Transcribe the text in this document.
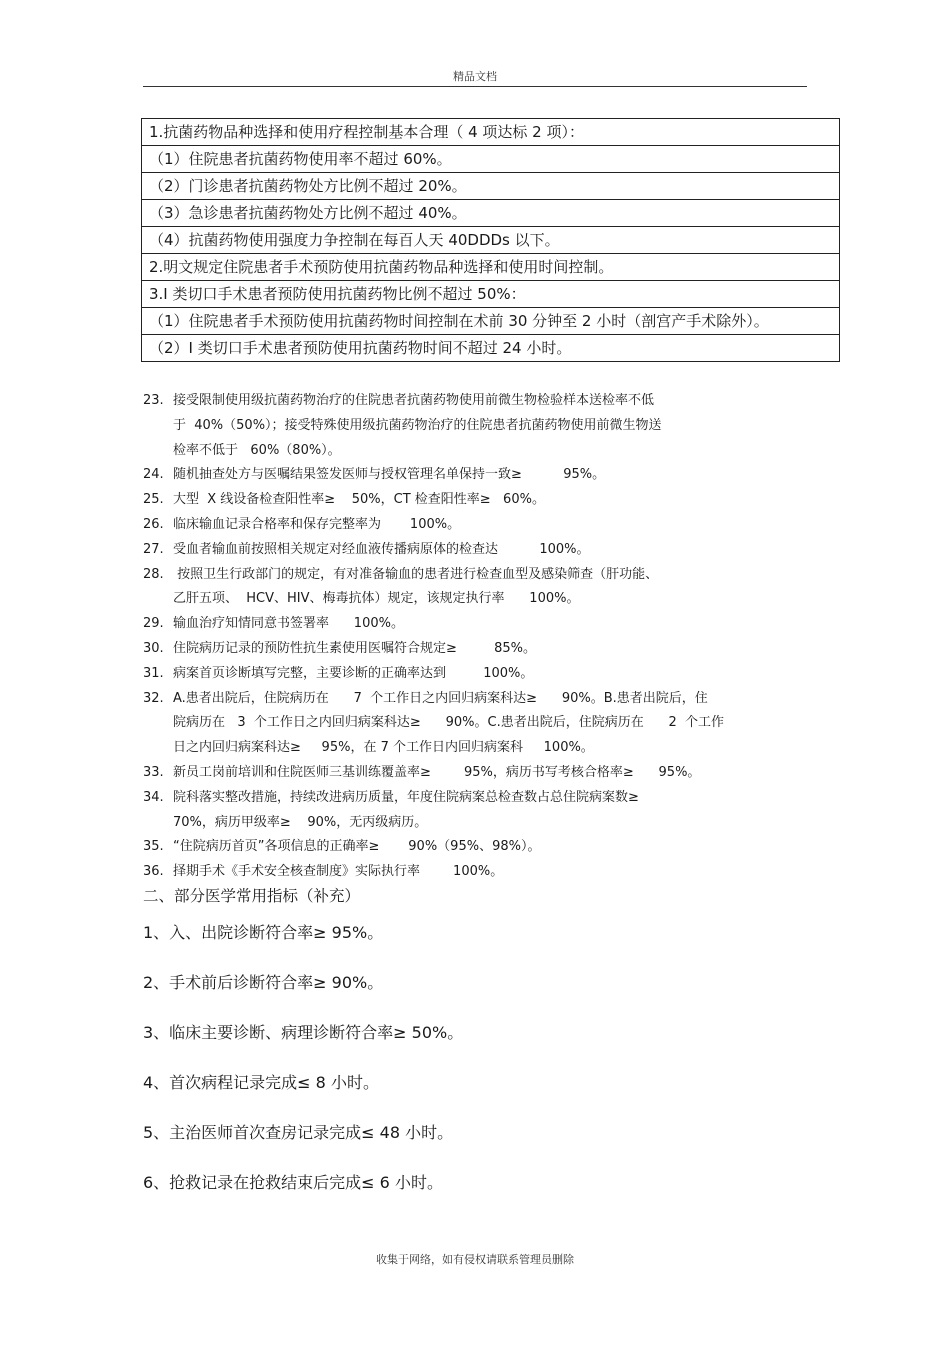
精品文档
1.抗菌药物品种选择和使用疗程控制基本合理（ 4 项达标 2 项）：
（1）住院患者抗菌药物使用率不超过 60%。
（2）门诊患者抗菌药物处方比例不超过 20%。
（3）急诊患者抗菌药物处方比例不超过 40%。
（4）抗菌药物使用强度力争控制在每百人天 40DDDs 以下。
2.明文规定住院患者手术预防使用抗菌药物品种选择和使用时间控制。
3.I 类切口手术患者预防使用抗菌药物比例不超过 50%：
（1）住院患者手术预防使用抗菌药物时间控制在术前 30 分钟至 2 小时（剖宫产手术除外）。
（2）I 类切口手术患者预防使用抗菌药物时间不超过 24 小时。
23. 接受限制使用级抗菌药物治疗的住院患者抗菌药物使用前微生物检验样本送检率不低
于  40%（50%）；接受特殊使用级抗菌药物治疗的住院患者抗菌药物使用前微生物送
检率不低于   60%（80%）。
24. 随机抽查处方与医嘱结果签发医师与授权管理名单保持一致≥          95%。
25. 大型  X 线设备检查阳性率≥    50%，CT 检查阳性率≥   60%。
26. 临床输血记录合格率和保存完整率为       100%。
27. 受血者输血前按照相关规定对经血液传播病原体的检查达          100%。
28. 按照卫生行政部门的规定，有对准备输血的患者进行检查血型及感染筛查（肝功能、
乙肝五项、  HCV、HIV、梅毒抗体）规定，该规定执行率      100%。
29. 输血治疗知情同意书签署率      100%。
30. 住院病历记录的预防性抗生素使用医嘱符合规定≥         85%。
31. 病案首页诊断填写完整，主要诊断的正确率达到         100%。
32. A.患者出院后，住院病历在      7  个工作日之内回归病案科达≥      90%。B.患者出院后，住
院病历在   3  个工作日之内回归病案科达≥      90%。C.患者出院后，住院病历在      2  个工作
日之内回归病案科达≥     95%，在 7 个工作日内回归病案科     100%。
33. 新员工岗前培训和住院医师三基训练覆盖率≥        95%，病历书写考核合格率≥      95%。
34. 院科落实整改措施，持续改进病历质量，年度住院病案总检查数占总住院病案数≥
70%，病历甲级率≥    90%，无丙级病历。
35. “住院病历首页”各项信息的正确率≥       90%（95%、98%）。
36. 择期手术《手术安全核查制度》实际执行率        100%。
二、部分医学常用指标（补充）
1、入、出院诊断符合率≥ 95%。
2、手术前后诊断符合率≥ 90%。
3、临床主要诊断、病理诊断符合率≥ 50%。
4、首次病程记录完成≤ 8 小时。
5、主治医师首次查房记录完成≤ 48 小时。
6、抢救记录在抢救结束后完成≤ 6 小时。
收集于网络，如有侵权请联系管理员删除
